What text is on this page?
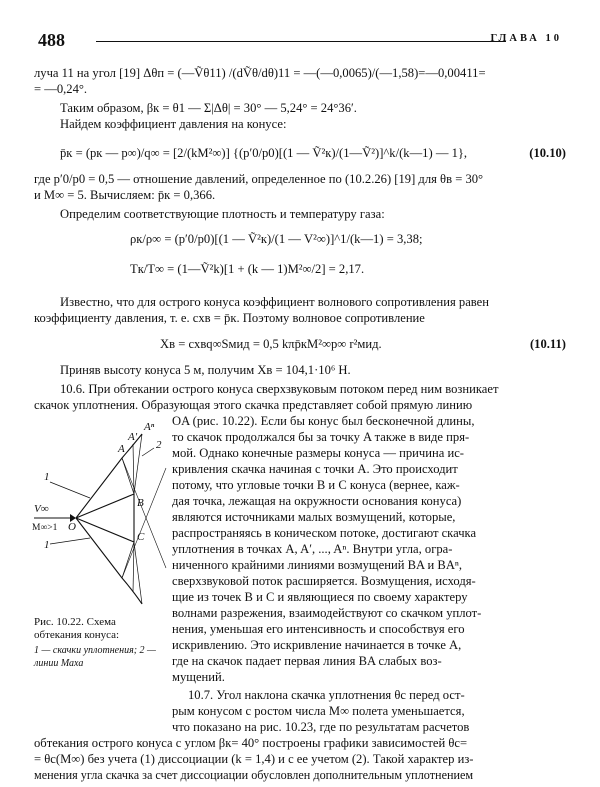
488	ГЛАВА 10
луча 11 на угол [19] Δθп = (—Ṽθ11) /(dṼθ/dθ)11 = —(—0,0065)/(—1,58)=—0,00411=
= —0,24°.
Таким образом, βк = θ1 — Σ|Δθ| = 30° — 5,24° = 24°36′.
Найдем коэффициент давления на конусе:
p̄к = (pк — p∞)/q∞ = [2/(kM²∞)] {(p′0/p0)[(1 — Ṽ²к)/(1—Ṽ²)]^k/(k—1) — 1},	(10.10)
где p′0/p0 = 0,5 — отношение давлений, определенное по (10.2.26) [19] для θв = 30°
и M∞ = 5. Вычисляем: p̄к = 0,366.
Определим соответствующие плотность и температуру газа:
ρк/ρ∞ = (p′0/p0)[(1 — Ṽ²к)/(1 — V²∞)]^1/(k—1) = 3,38;
Tк/T∞ = (1—Ṽ²k)[1 + (k — 1)M²∞/2] = 2,17.
Известно, что для острого конуса коэффициент волнового сопротивления равен
коэффициенту давления, т. е. cхв = p̄к. Поэтому волновое сопротивление
Xв = cхвq∞Sмид = 0,5 kπp̄кM²∞p∞ r²мид.	(10.11)
Приняв высоту конуса 5 м, получим Xв = 104,1·10⁶ Н.
10.6. При обтекании острого конуса сверхзвуковым потоком перед ним возникает
скачок уплотнения. Образующая этого скачка представляет собой прямую линию
OA (рис. 10.22). Если бы конус был бесконечной длины,
то скачок продолжался бы за точку A также в виде пря-
мой. Однако конечные размеры конуса — причина ис-
кривления скачка начиная с точки A. Это происходит
потому, что угловые точки B и C конуса (вернее, каж-
дая точка, лежащая на окружности основания конуса)
являются источниками малых возмущений, которые,
распространяясь в коническом потоке, достигают скачка
уплотнения в точках A, A′, ..., Aⁿ. Внутри угла, огра-
ниченного крайними линиями возмущений BA и BAⁿ,
сверхзвуковой поток расширяется. Возмущения, исходя-
щие из точек B и C и являющиеся по своему характеру
волнами разрежения, взаимодействуют со скачком уплот-
нения, уменьшая его интенсивность и способствуя его
искривлению. Это искривление начинается в точке A,
где на скачок падает первая линия BA слабых воз-
мущений.
10.7. Угол наклона скачка уплотнения θс перед ост-
рым конусом с ростом числа M∞ полета уменьшается,
что показано на рис. 10.23, где по результатам расчетов
обтекания острого конуса с углом βк= 40° построены графики зависимостей θс=
= θс(M∞) без учета (1) диссоциации (k = 1,4) и с ее учетом (2). Такой характер из-
менения угла скачка за счет диссоциации обусловлен дополнительным уплотнением
A
A′
Aⁿ
B
C
O
1
2
1
V∞
M∞>1
Рис. 10.22. Схема обтекания конуса:
1 — скачки уплотнения; 2 — линии Маха
